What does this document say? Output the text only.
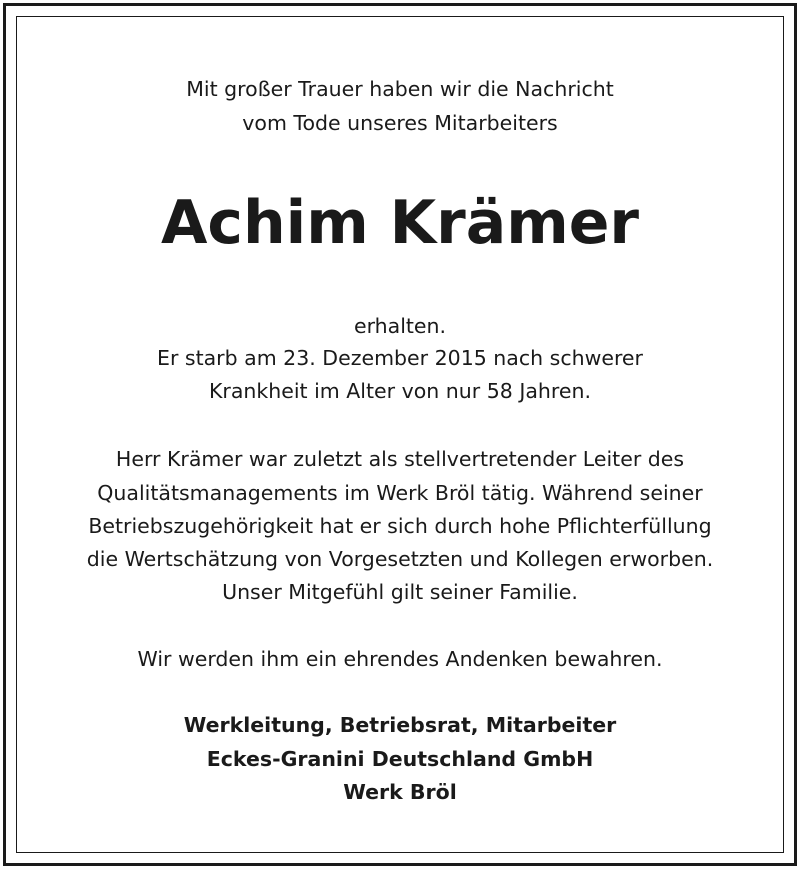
Mit großer Trauer haben wir die Nachricht
vom Tode unseres Mitarbeiters
Achim Krämer
erhalten.
Er starb am 23. Dezember 2015 nach schwerer
Krankheit im Alter von nur 58 Jahren.
Herr Krämer war zuletzt als stellvertretender Leiter des
Qualitätsmanagements im Werk Bröl tätig. Während seiner
Betriebszugehörigkeit hat er sich durch hohe Pflichterfüllung
die Wertschätzung von Vorgesetzten und Kollegen erworben.
Unser Mitgefühl gilt seiner Familie.
Wir werden ihm ein ehrendes Andenken bewahren.
Werkleitung, Betriebsrat, Mitarbeiter
Eckes-Granini Deutschland GmbH
Werk Bröl
